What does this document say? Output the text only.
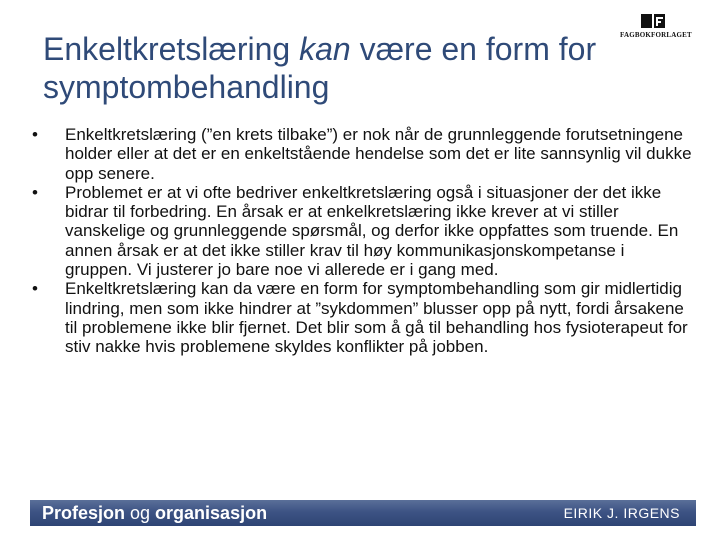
Enkeltkretslæring kan være en form for symptombehandling
FAGBOKFORLAGET
•	Enkeltkretslæring (”en krets tilbake”) er nok når de grunnleggende forutsetningene holder eller at det er en enkeltstående hendelse som det er lite sannsynlig vil dukke opp senere.
•	Problemet er at vi ofte bedriver enkeltkretslæring også i situasjoner der det ikke bidrar til forbedring. En årsak er at enkelkretslæring ikke krever at vi stiller vanskelige og grunnleggende spørsmål, og derfor ikke oppfattes som truende. En annen årsak er at det ikke stiller krav til høy kommunikasjonskompetanse i gruppen. Vi justerer jo bare noe vi allerede er i gang med.
•	Enkeltkretslæring kan da være en form for symptombehandling som gir midlertidig lindring, men som ikke hindrer at ”sykdommen” blusser opp på nytt, fordi årsakene til problemene ikke blir fjernet. Det blir som å gå til behandling hos fysioterapeut for stiv nakke hvis problemene skyldes konflikter på jobben.
Profesjon og organisasjon	EIRIK J. IRGENS
